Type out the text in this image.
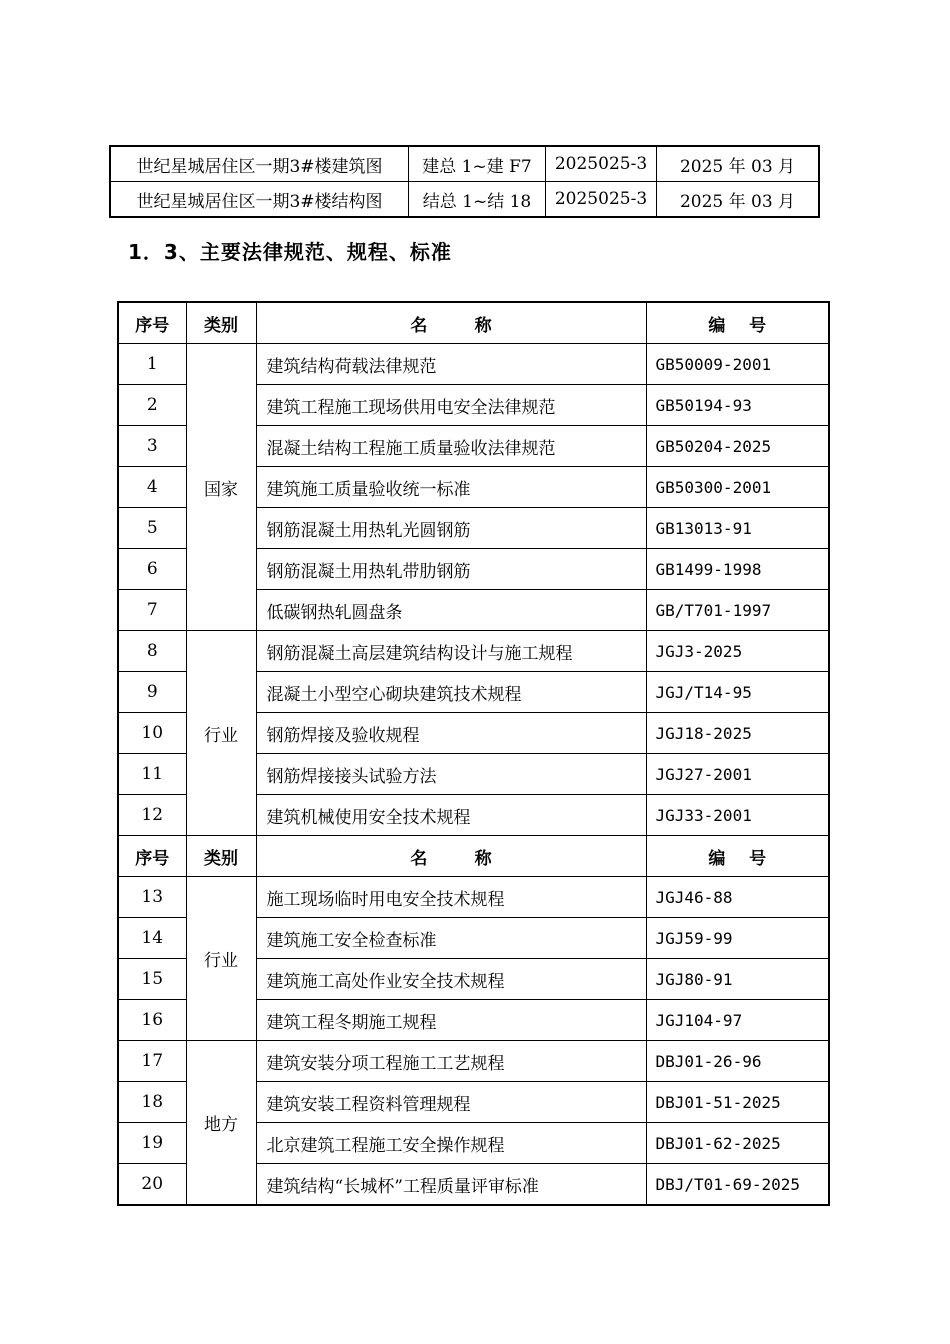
世纪星城居住区一期3#楼建筑图	建总 1~建 F7	2025025-3	2025 年 03 月
世纪星城居住区一期3#楼结构图	结总 1~结 18	2025025-3	2025 年 03 月
1．3、主要法律规范、规程、标准
序号	类别	名        称	编    号
1	国家	建筑结构荷载法律规范	GB50009-2001
2		建筑工程施工现场供用电安全法律规范	GB50194-93
3		混凝土结构工程施工质量验收法律规范	GB50204-2025
4		建筑施工质量验收统一标准	GB50300-2001
5		钢筋混凝土用热轧光圆钢筋	GB13013-91
6		钢筋混凝土用热轧带肋钢筋	GB1499-1998
7		低碳钢热轧圆盘条	GB/T701-1997
8	行业	钢筋混凝土高层建筑结构设计与施工规程	JGJ3-2025
9		混凝土小型空心砌块建筑技术规程	JGJ/T14-95
10		钢筋焊接及验收规程	JGJ18-2025
11		钢筋焊接接头试验方法	JGJ27-2001
12		建筑机械使用安全技术规程	JGJ33-2001
序号	类别	名        称	编    号
13	行业	施工现场临时用电安全技术规程	JGJ46-88
14		建筑施工安全检查标准	JGJ59-99
15		建筑施工高处作业安全技术规程	JGJ80-91
16		建筑工程冬期施工规程	JGJ104-97
17	地方	建筑安装分项工程施工工艺规程	DBJ01-26-96
18		建筑安装工程资料管理规程	DBJ01-51-2025
19		北京建筑工程施工安全操作规程	DBJ01-62-2025
20		建筑结构“长城杯”工程质量评审标准	DBJ/T01-69-2025
